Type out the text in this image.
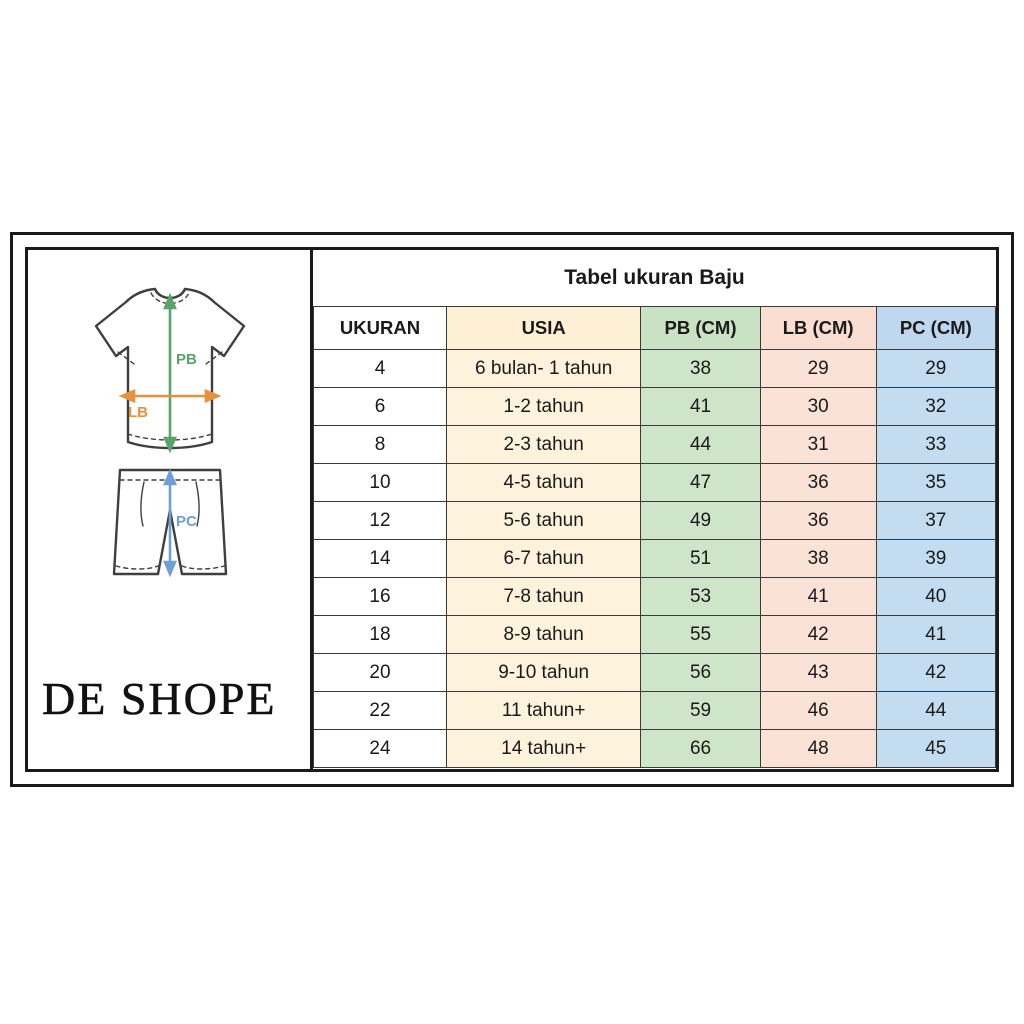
PB
LB
PC
DE SHOPE
Tabel ukuran Baju
UKURAN	USIA	PB (CM)	LB (CM)	PC (CM)
4	6 bulan- 1 tahun	38	29	29
6	1-2 tahun	41	30	32
8	2-3 tahun	44	31	33
10	4-5 tahun	47	36	35
12	5-6 tahun	49	36	37
14	6-7 tahun	51	38	39
16	7-8 tahun	53	41	40
18	8-9 tahun	55	42	41
20	9-10 tahun	56	43	42
22	11 tahun+	59	46	44
24	14 tahun+	66	48	45
